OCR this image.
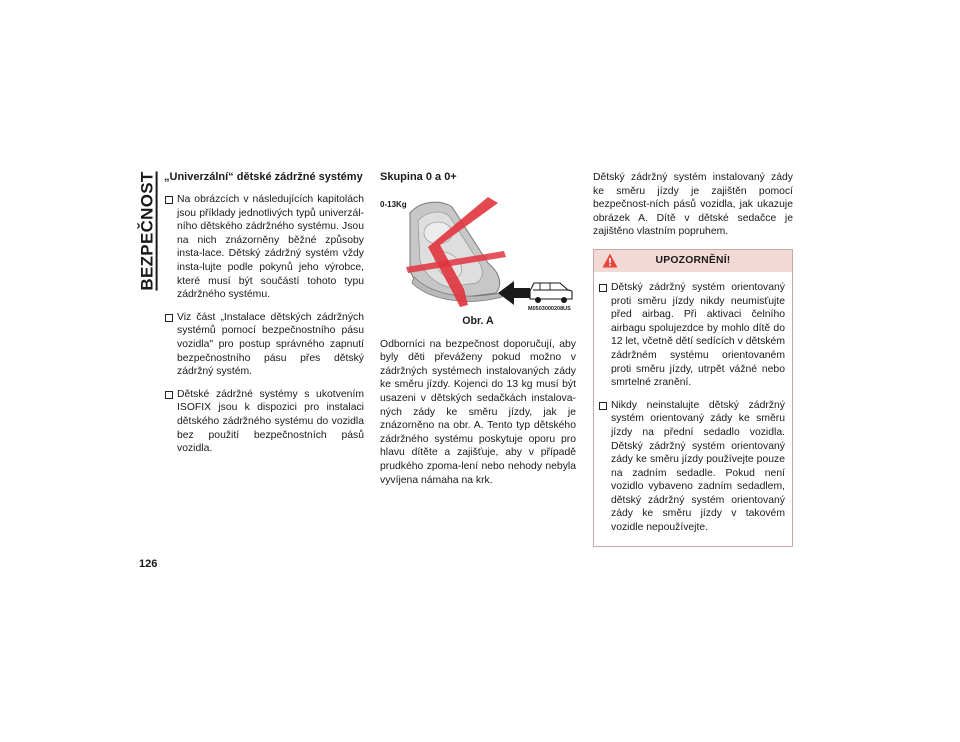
BEZPEČNOST „Univerzální“ dětské zádržné systémy
Na obrázcích v následujících kapitolách jsou příklady jednotlivých typů univerzál-ního dětského zádržného systému. Jsou na nich znázorněny běžné způsoby insta-lace. Dětský zádržný systém vždy insta-lujte podle pokynů jeho výrobce, které musí být součástí tohoto typu zádržného systému.
Viz část „Instalace dětských zádržných systémů pomocí bezpečnostního pásu vozidla" pro postup správného zapnutí bezpečnostního pásu přes dětský zádržný systém.
Dětské zádržné systémy s ukotvením ISOFIX jsou k dispozici pro instalaci dětského zádržného systému do vozidla bez použití bezpečnostních pásů vozidla.
Skupina 0 a 0+
0-13Kg
M0503000208US
Obr. A

Odborníci na bezpečnost doporučují, aby byly děti převáženy pokud možno v zádržných systémech instalovaných zády ke směru jízdy. Kojenci do 13 kg musí být usazeni v dětských sedačkách instalova-ných zády ke směru jízdy, jak je znázorněno na obr. A. Tento typ dětského zádržného systému poskytuje oporu pro hlavu dítěte a zajišťuje, aby v případě prudkého zpoma-lení nebo nehody nebyla vyvíjena námaha na krk.

Dětský zádržný systém instalovaný zády ke směru jízdy je zajištěn pomocí bezpečnost-ních pásů vozidla, jak ukazuje obrázek A. Dítě v dětské sedačce je zajištěno vlastním popruhem.

UPOZORNĚNÍ!
Dětský zádržný systém orientovaný proti směru jízdy nikdy neumisťujte před airbag. Při aktivaci čelního airbagu spolujezdce by mohlo dítě do 12 let, včetně dětí sedících v dětském zádržném systému orientovaném proti směru jízdy, utrpět vážné nebo smrtelné zranění.
Nikdy neinstalujte dětský zádržný systém orientovaný zády ke směru jízdy na přední sedadlo vozidla. Dětský zádržný systém orientovaný zády ke směru jízdy používejte pouze na zadním sedadle. Pokud není vozidlo vybaveno zadním sedadlem, dětský zádržný systém orientovaný zády ke směru jízdy v takovém vozidle nepoužívejte.
126
